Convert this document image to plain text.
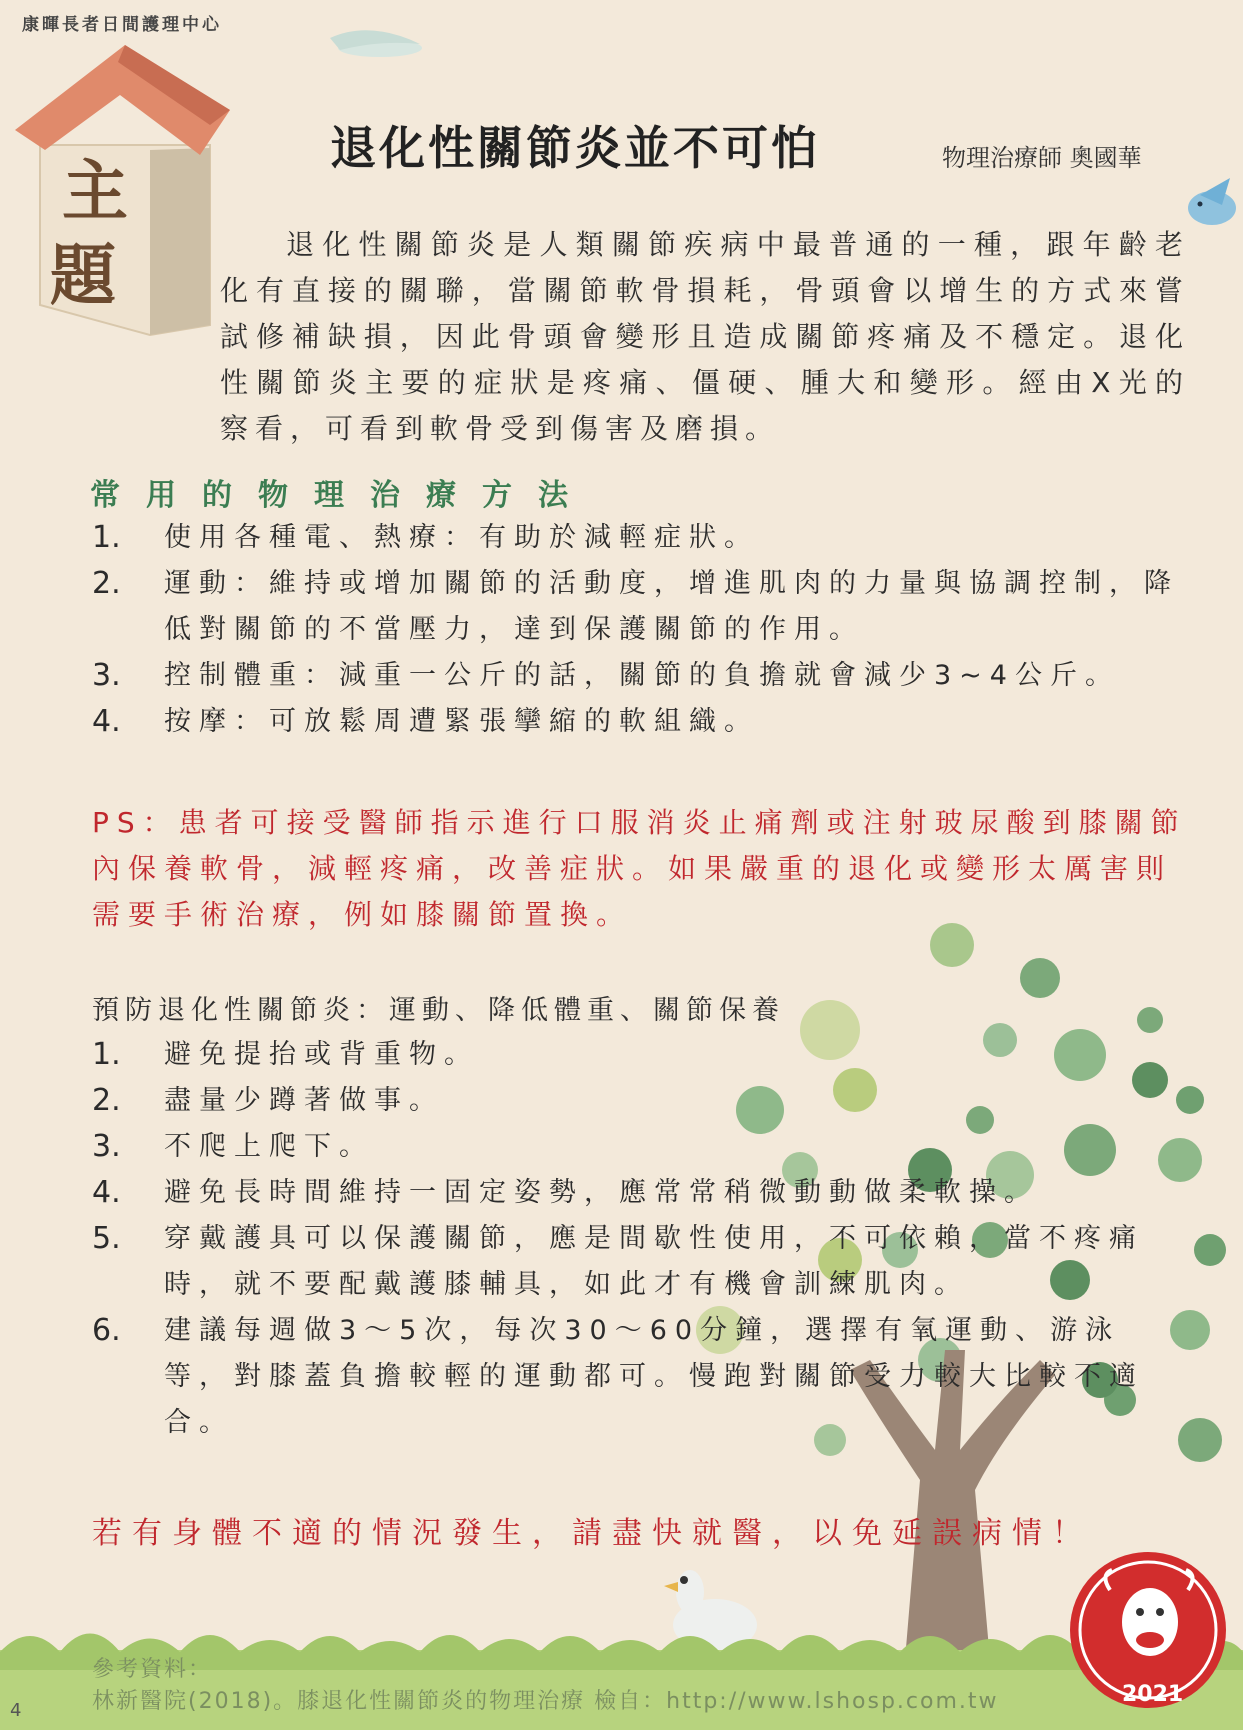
康暉長者日間護理中心
主
題
退化性關節炎並不可怕	物理治療師 奧國華

退化性關節炎是人類關節疾病中最普通的一種，跟年齡老化有直接的關聯，當關節軟骨損耗，骨頭會以增生的方式來嘗試修補缺損，因此骨頭會變形且造成關節疼痛及不穩定。退化性關節炎主要的症狀是疼痛、僵硬、腫大和變形。經由X光的察看，可看到軟骨受到傷害及磨損。

常用的物理治療方法
1. 使用各種電、熱療：有助於減輕症狀。
2. 運動：維持或增加關節的活動度，增進肌肉的力量與協調控制，降低對關節的不當壓力，達到保護關節的作用。
3. 控制體重：減重一公斤的話，關節的負擔就會減少3~4公斤。
4. 按摩：可放鬆周遭緊張攣縮的軟組織。
PS：患者可接受醫師指示進行口服消炎止痛劑或注射玻尿酸到膝關節內保養軟骨，減輕疼痛，改善症狀。如果嚴重的退化或變形太厲害則需要手術治療，例如膝關節置換。
預防退化性關節炎：運動、降低體重、關節保養
1. 避免提抬或背重物。
2. 盡量少蹲著做事。
3. 不爬上爬下。
4. 避免長時間維持一固定姿勢，應常常稍微動動做柔軟操。
5. 穿戴護具可以保護關節，應是間歇性使用，不可依賴，當不疼痛時，就不要配戴護膝輔具，如此才有機會訓練肌肉。
6. 建議每週做3～5次，每次30～60分鐘，選擇有氧運動、游泳等，對膝蓋負擔較輕的運動都可。慢跑對關節受力較大比較不適合。
若有身體不適的情況發生，請盡快就醫，以免延誤病情！
參考資料：
林新醫院(2018)。膝退化性關節炎的物理治療 檢自：http://www.lshosp.com.tw	2021
4
